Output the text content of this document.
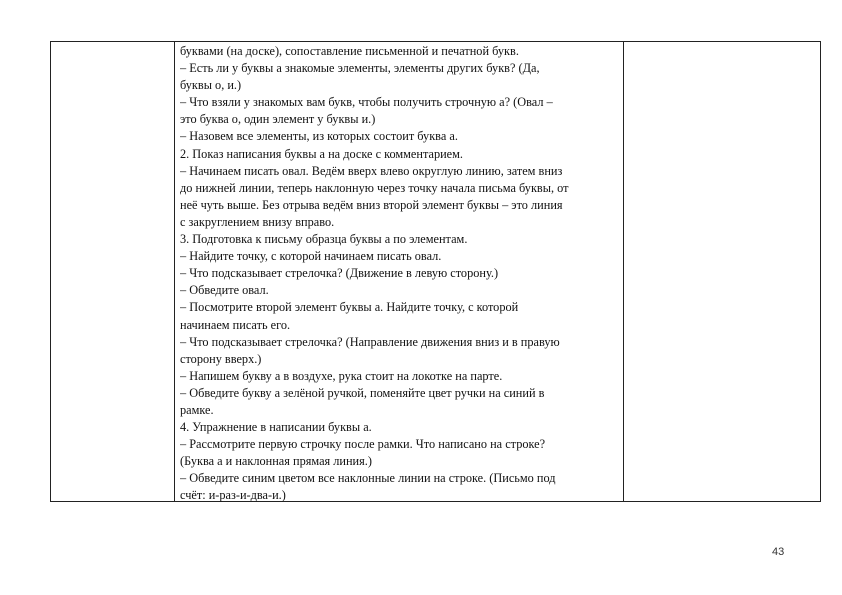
буквами (на доске), сопоставление письменной и печатной букв.
– Есть ли у буквы а знакомые элементы, элементы других букв? (Да,
буквы о, и.)
– Что взяли у знакомых вам букв, чтобы получить строчную а? (Овал –
это буква о, один элемент у буквы и.)
– Назовем все элементы, из которых состоит буква а.
2. Показ написания буквы а на доске с комментарием.
– Начинаем писать овал. Ведём вверх влево округлую линию, затем вниз
до нижней линии, теперь наклонную через точку начала письма буквы, от
неё чуть выше. Без отрыва ведём вниз второй элемент буквы – это линия
с закруглением внизу вправо.
3. Подготовка к письму образца буквы а по элементам.
– Найдите точку, с которой начинаем писать овал.
– Что подсказывает стрелочка? (Движение в левую сторону.)
– Обведите овал.
– Посмотрите второй элемент буквы а. Найдите точку, с которой
начинаем писать его.
– Что подсказывает стрелочка? (Направление движения вниз и в правую
сторону вверх.)
– Напишем букву а в воздухе, рука стоит на локотке на парте.
– Обведите букву а зелёной ручкой, поменяйте цвет ручки на синий в
рамке.
4. Упражнение в написании буквы а.
– Рассмотрите первую строчку после рамки. Что написано на строке?
(Буква а и наклонная прямая линия.)
– Обведите синим цветом все наклонные линии на строке. (Письмо под
счёт: и-раз-и-два-и.)
43
